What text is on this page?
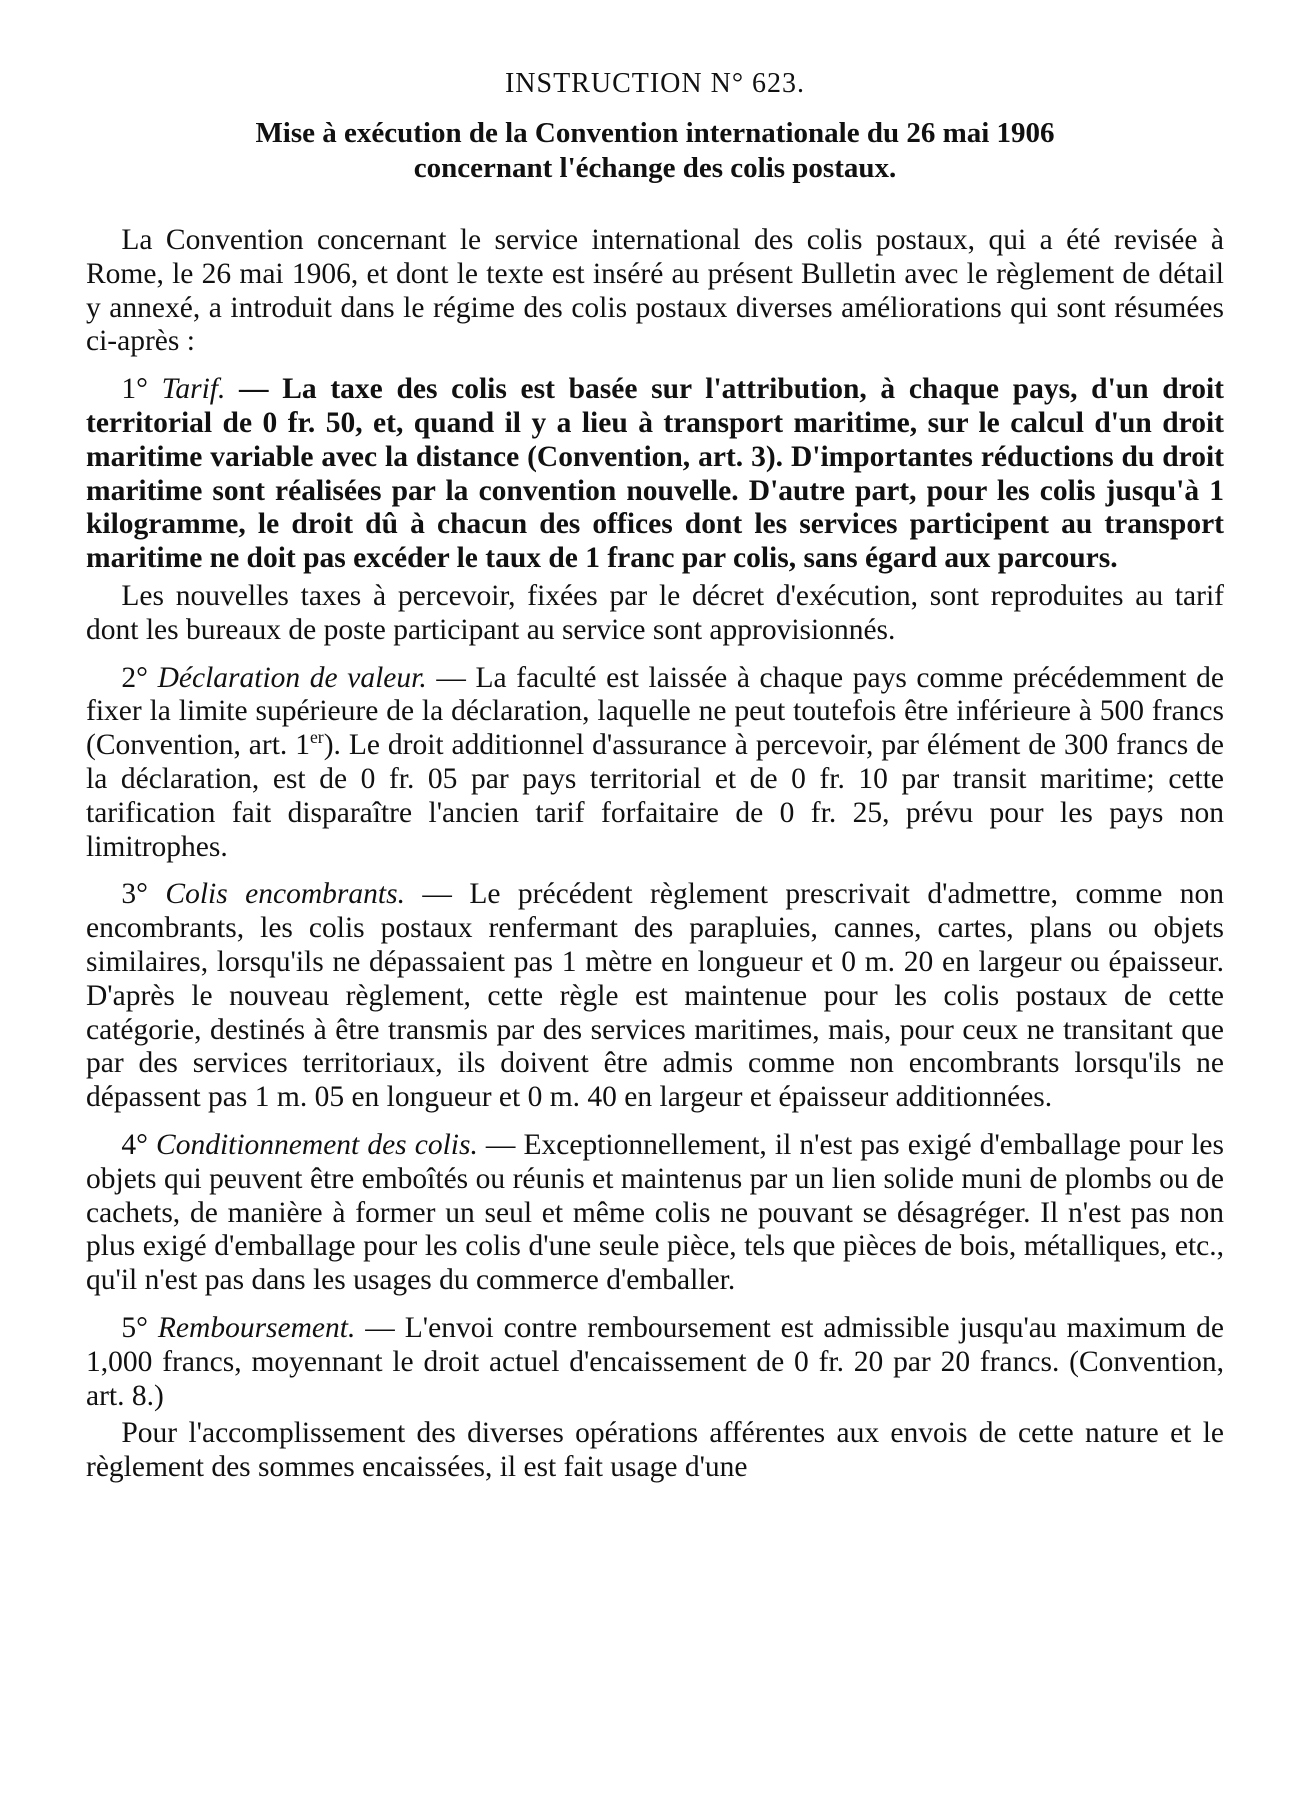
INSTRUCTION N° 623.
Mise à exécution de la Convention internationale du 26 mai 1906
concernant l'échange des colis postaux.

La Convention concernant le service international des colis postaux, qui a été revisée à Rome, le 26 mai 1906, et dont le texte est inséré au présent Bulletin avec le règlement de détail y annexé, a introduit dans le régime des colis postaux diverses améliorations qui sont résumées ci-après :

1° Tarif. — La taxe des colis est basée sur l'attribution, à chaque pays, d'un droit territorial de 0 fr. 50, et, quand il y a lieu à transport maritime, sur le calcul d'un droit maritime variable avec la distance (Convention, art. 3). D'importantes réductions du droit maritime sont réalisées par la convention nouvelle. D'autre part, pour les colis jusqu'à 1 kilogramme, le droit dû à chacun des offices dont les services participent au transport maritime ne doit pas excéder le taux de 1 franc par colis, sans égard aux parcours.

Les nouvelles taxes à percevoir, fixées par le décret d'exécution, sont reproduites au tarif dont les bureaux de poste participant au service sont approvisionnés.

2° Déclaration de valeur. — La faculté est laissée à chaque pays comme précédemment de fixer la limite supérieure de la déclaration, laquelle ne peut toutefois être inférieure à 500 francs (Convention, art. 1er). Le droit additionnel d'assurance à percevoir, par élément de 300 francs de la déclaration, est de 0 fr. 05 par pays territorial et de 0 fr. 10 par transit maritime; cette tarification fait disparaître l'ancien tarif forfaitaire de 0 fr. 25, prévu pour les pays non limitrophes.

3° Colis encombrants. — Le précédent règlement prescrivait d'admettre, comme non encombrants, les colis postaux renfermant des parapluies, cannes, cartes, plans ou objets similaires, lorsqu'ils ne dépassaient pas 1 mètre en longueur et 0 m. 20 en largeur ou épaisseur. D'après le nouveau règlement, cette règle est maintenue pour les colis postaux de cette catégorie, destinés à être transmis par des services maritimes, mais, pour ceux ne transitant que par des services territoriaux, ils doivent être admis comme non encombrants lorsqu'ils ne dépassent pas 1 m. 05 en longueur et 0 m. 40 en largeur et épaisseur additionnées.

4° Conditionnement des colis. — Exceptionnellement, il n'est pas exigé d'emballage pour les objets qui peuvent être emboîtés ou réunis et maintenus par un lien solide muni de plombs ou de cachets, de manière à former un seul et même colis ne pouvant se désagréger. Il n'est pas non plus exigé d'emballage pour les colis d'une seule pièce, tels que pièces de bois, métalliques, etc., qu'il n'est pas dans les usages du commerce d'emballer.

5° Remboursement. — L'envoi contre remboursement est admissible jusqu'au maximum de 1,000 francs, moyennant le droit actuel d'encaissement de 0 fr. 20 par 20 francs. (Convention, art. 8.)

Pour l'accomplissement des diverses opérations afférentes aux envois de cette nature et le règlement des sommes encaissées, il est fait usage d'une
